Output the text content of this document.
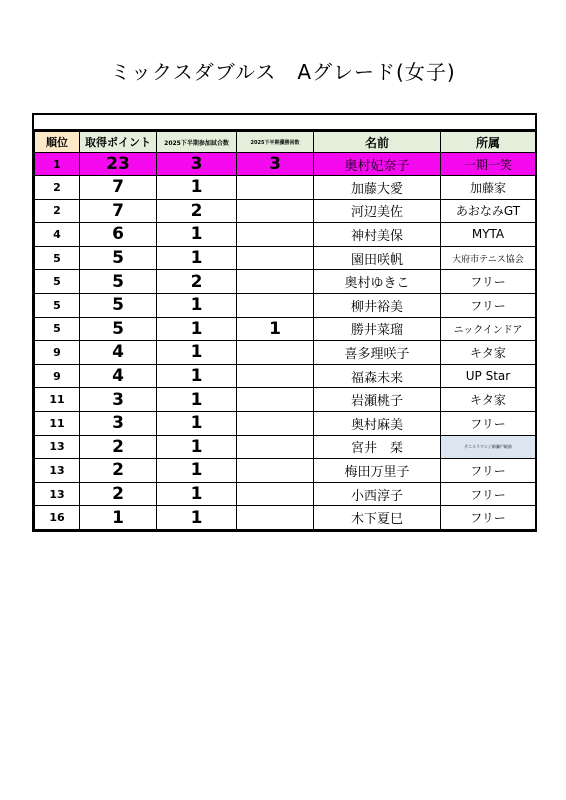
ミックスダブルス　Aグレード(女子)
順位	取得ポイント	2025下半期参加試合数	2025下半期優勝回数	名前	所属
1	23	3	3	奥村妃奈子	一期一笑
2	7	1		加藤大愛	加藤家
2	7	2		河辺美佐	あおなみGT
4	6	1		神村美保	MYTA
5	5	1		園田咲帆	大府市テニス協会
5	5	2		奥村ゆきこ	フリー
5	5	1		柳井裕美	フリー
5	5	1	1	勝井菜瑠	ニックインドア
9	4	1		喜多理咲子	キタ家
9	4	1		福森未来	UP Star
11	3	1		岩瀬桃子	キタ家
11	3	1		奥村麻美	フリー
13	2	1		宮井　栞	テニスラウンジ新瀬戸駅前
13	2	1		梅田万里子	フリー
13	2	1		小西淳子	フリー
16	1	1		木下夏巳	フリー
